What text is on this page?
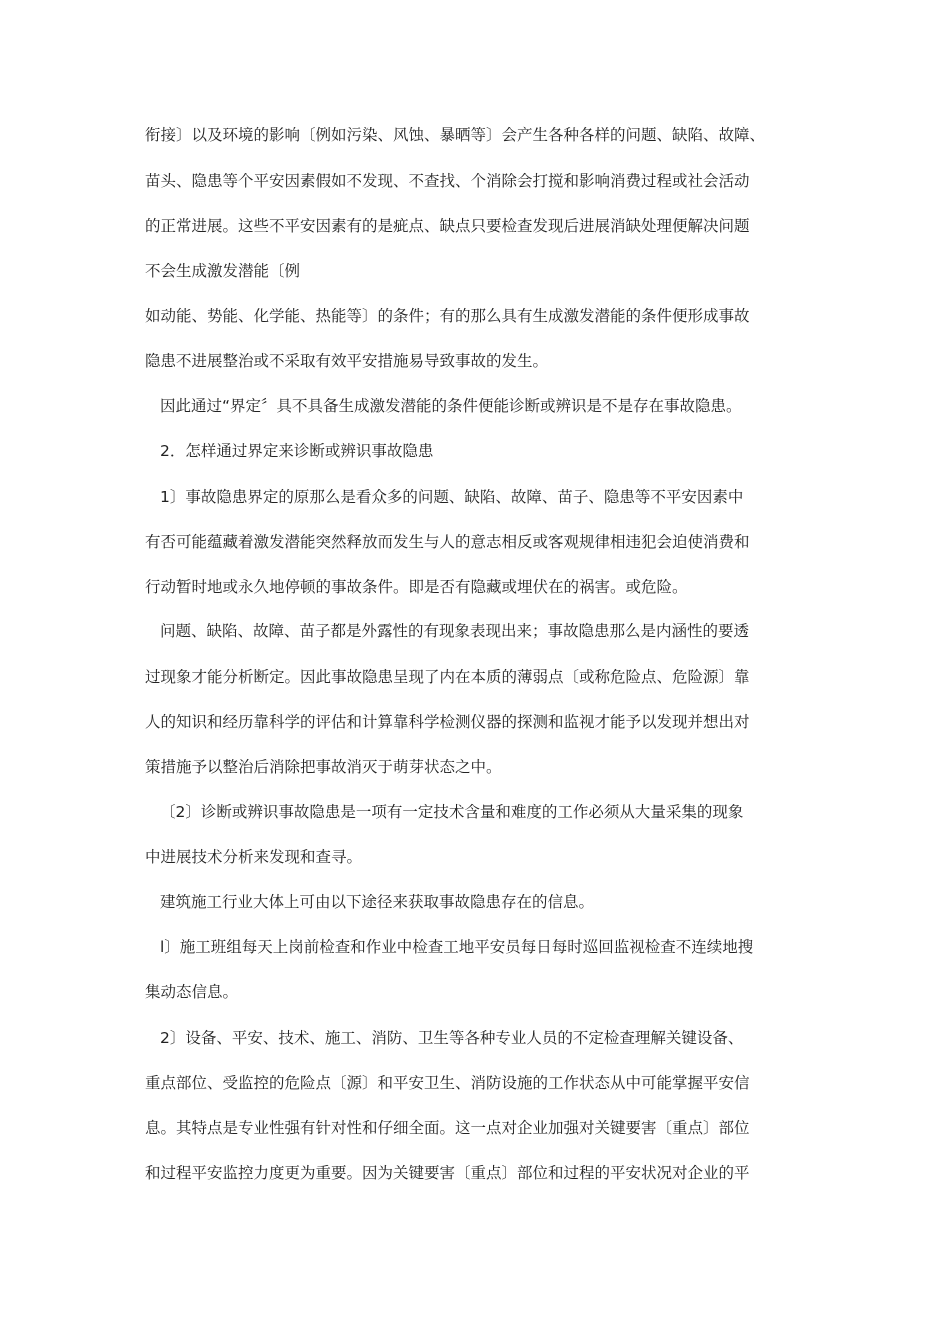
衔接〕以及环境的影响〔例如污染、风蚀、暴晒等〕会产生各种各样的问题、缺陷、故障、
苗头、隐患等个平安因素假如不发现、不查找、个消除会打搅和影响消费过程或社会活动
的正常进展。这些不平安因素有的是疵点、缺点只要检查发现后进展消缺处理便解决问题
不会生成激发潜能〔例
如动能、势能、化学能、热能等〕的条件；有的那么具有生成激发潜能的条件便形成事故
隐患不进展整治或不采取有效平安措施易导致事故的发生。
因此通过“界定〞具不具备生成激发潜能的条件便能诊断或辨识是不是存在事故隐患。
2．怎样通过界定来诊断或辨识事故隐患
1〕事故隐患界定的原那么是看众多的问题、缺陷、故障、苗子、隐患等不平安因素中
有否可能蕴藏着激发潜能突然释放而发生与人的意志相反或客观规律相违犯会迫使消费和
行动暂时地或永久地停顿的事故条件。即是否有隐藏或埋伏在的祸害。或危险。
问题、缺陷、故障、苗子都是外露性的有现象表现出来；事故隐患那么是内涵性的要透
过现象才能分析断定。因此事故隐患呈现了内在本质的薄弱点〔或称危险点、危险源〕靠
人的知识和经历靠科学的评估和计算靠科学检测仪器的探测和监视才能予以发现并想出对
策措施予以整治后消除把事故消灭于萌芽状态之中。
〔2〕诊断或辨识事故隐患是一项有一定技术含量和难度的工作必须从大量采集的现象
中进展技术分析来发现和查寻。
建筑施工行业大体上可由以下途径来获取事故隐患存在的信息。
l〕施工班组每天上岗前检查和作业中检查工地平安员每日每时巡回监视检查不连续地搜
集动态信息。
2〕设备、平安、技术、施工、消防、卫生等各种专业人员的不定检查理解关键设备、
重点部位、受监控的危险点〔源〕和平安卫生、消防设施的工作状态从中可能掌握平安信
息。其特点是专业性强有针对性和仔细全面。这一点对企业加强对关键要害〔重点〕部位
和过程平安监控力度更为重要。因为关键要害〔重点〕部位和过程的平安状况对企业的平
